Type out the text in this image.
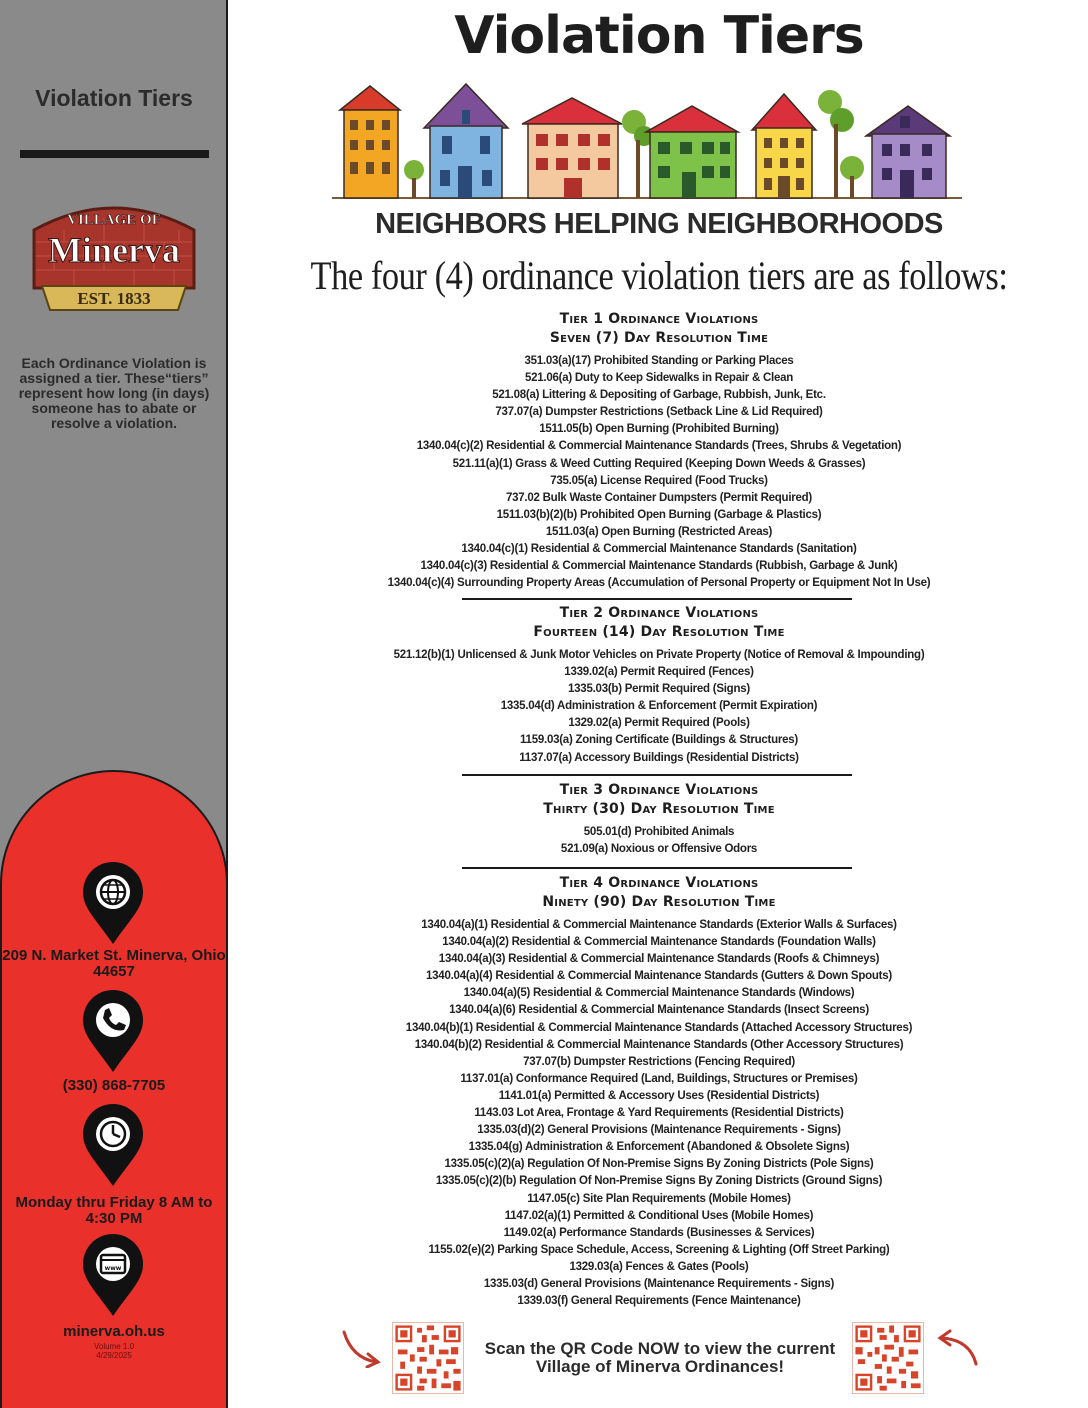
Violation Tiers
VILLAGE OF
Minerva
EST. 1833
Each Ordinance Violation is assigned a tier. These“tiers” represent how long (in days) someone has to abate or resolve a violation.
209 N. Market St. Minerva, Ohio 44657
(330) 868-7705
Monday thru Friday 8 AM to 4:30 PM
www
minerva.oh.us
Volume 1.0
4/29/2025
Violation Tiers
NEIGHBORS HELPING NEIGHBORHOODS
The four (4) ordinance violation tiers are as follows:
Tier 1 Ordinance Violations
Seven (7) Day Resolution Time
351.03(a)(17) Prohibited Standing or Parking Places
521.06(a) Duty to Keep Sidewalks in Repair & Clean
521.08(a) Littering & Depositing of Garbage, Rubbish, Junk, Etc.
737.07(a) Dumpster Restrictions (Setback Line & Lid Required)
1511.05(b) Open Burning (Prohibited Burning)
1340.04(c)(2) Residential & Commercial Maintenance Standards (Trees, Shrubs & Vegetation)
521.11(a)(1) Grass & Weed Cutting Required (Keeping Down Weeds & Grasses)
735.05(a) License Required (Food Trucks)
737.02 Bulk Waste Container Dumpsters (Permit Required)
1511.03(b)(2)(b) Prohibited Open Burning (Garbage & Plastics)
1511.03(a) Open Burning (Restricted Areas)
1340.04(c)(1) Residential & Commercial Maintenance Standards (Sanitation)
1340.04(c)(3) Residential & Commercial Maintenance Standards (Rubbish, Garbage & Junk)
1340.04(c)(4) Surrounding Property Areas (Accumulation of Personal Property or Equipment Not In Use)
Tier 2 Ordinance Violations
Fourteen (14) Day Resolution Time
521.12(b)(1) Unlicensed & Junk Motor Vehicles on Private Property (Notice of Removal & Impounding)
1339.02(a) Permit Required (Fences)
1335.03(b) Permit Required (Signs)
1335.04(d) Administration & Enforcement (Permit Expiration)
1329.02(a) Permit Required (Pools)
1159.03(a) Zoning Certificate (Buildings & Structures)
1137.07(a) Accessory Buildings (Residential Districts)
Tier 3 Ordinance Violations
Thirty (30) Day Resolution Time
505.01(d) Prohibited Animals
521.09(a) Noxious or Offensive Odors
Tier 4 Ordinance Violations
Ninety (90) Day Resolution Time
1340.04(a)(1) Residential & Commercial Maintenance Standards (Exterior Walls & Surfaces)
1340.04(a)(2) Residential & Commercial Maintenance Standards (Foundation Walls)
1340.04(a)(3) Residential & Commercial Maintenance Standards (Roofs & Chimneys)
1340.04(a)(4) Residential & Commercial Maintenance Standards (Gutters & Down Spouts)
1340.04(a)(5) Residential & Commercial Maintenance Standards (Windows)
1340.04(a)(6) Residential & Commercial Maintenance Standards (Insect Screens)
1340.04(b)(1) Residential & Commercial Maintenance Standards (Attached Accessory Structures)
1340.04(b)(2) Residential & Commercial Maintenance Standards (Other Accessory Structures)
737.07(b) Dumpster Restrictions (Fencing Required)
1137.01(a) Conformance Required (Land, Buildings, Structures or Premises)
1141.01(a) Permitted & Accessory Uses (Residential Districts)
1143.03 Lot Area, Frontage & Yard Requirements (Residential Districts)
1335.03(d)(2) General Provisions (Maintenance Requirements - Signs)
1335.04(g) Administration & Enforcement (Abandoned & Obsolete Signs)
1335.05(c)(2)(a) Regulation Of Non-Premise Signs By Zoning Districts (Pole Signs)
1335.05(c)(2)(b) Regulation Of Non-Premise Signs By Zoning Districts (Ground Signs)
1147.05(c) Site Plan Requirements (Mobile Homes)
1147.02(a)(1) Permitted & Conditional Uses (Mobile Homes)
1149.02(a) Performance Standards (Businesses & Services)
1155.02(e)(2) Parking Space Schedule, Access, Screening & Lighting (Off Street Parking)
1329.03(a) Fences & Gates (Pools)
1335.03(d) General Provisions (Maintenance Requirements - Signs)
1339.03(f) General Requirements (Fence Maintenance)
Scan the QR Code NOW to view the current Village of Minerva Ordinances!
